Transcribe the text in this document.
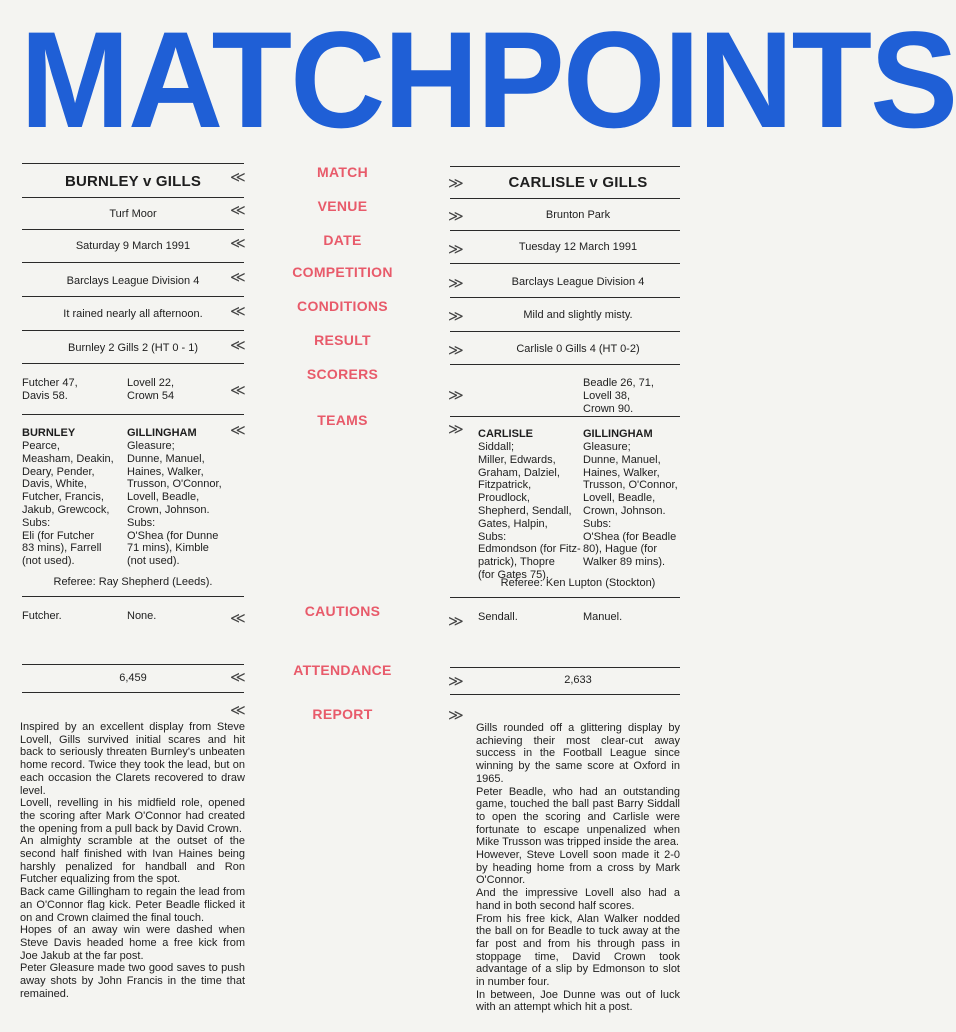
MATCHPOINTS
MATCH
VENUE
DATE
COMPETITION
CONDITIONS
RESULT
SCORERS
TEAMS
CAUTIONS
ATTENDANCE
REPORT
BURNLEY v GILLS
Turf Moor
Saturday 9 March 1991
Barclays League Division 4
It rained nearly all afternoon.
Burnley 2 Gills 2 (HT 0 - 1)
Futcher 47,
Davis 58.
Lovell 22,
Crown 54
BURNLEY
Pearce,
Measham, Deakin,
Deary, Pender,
Davis, White,
Futcher, Francis,
Jakub, Grewcock,
Subs:
Eli (for Futcher
83 mins), Farrell
(not used).
GILLINGHAM
Gleasure;
Dunne, Manuel,
Haines, Walker,
Trusson, O'Connor,
Lovell, Beadle,
Crown, Johnson.
Subs:
O'Shea (for Dunne
71 mins), Kimble
(not used).
Referee: Ray Shepherd (Leeds).
Futcher.	None.
6,459
Inspired by an excellent display from Steve Lovell, Gills survived initial scares and hit back to seriously threaten Burnley's unbeaten home record. Twice they took the lead, but on each occasion the Clarets recovered to draw level.
Lovell, revelling in his midfield role, opened the scoring after Mark O'Connor had created the opening from a pull back by David Crown.
An almighty scramble at the outset of the second half finished with Ivan Haines being harshly penalized for handball and Ron Futcher equalizing from the spot.
Back came Gillingham to regain the lead from an O'Connor flag kick. Peter Beadle flicked it on and Crown claimed the final touch.
Hopes of an away win were dashed when Steve Davis headed home a free kick from Joe Jakub at the far post.
Peter Gleasure made two good saves to push away shots by John Francis in the time that remained.
≪
≪
≪
≪
≪
≪
≪
≪
≪
≪
≪
≫
≫
≫
≫
≫
≫
≫
≫
≫
≫
≫
CARLISLE v GILLS
Brunton Park
Tuesday 12 March 1991
Barclays League Division 4
Mild and slightly misty.
Carlisle 0 Gills 4 (HT 0-2)
Beadle 26, 71,
Lovell 38,
Crown 90.
CARLISLE
Siddall;
Miller, Edwards,
Graham, Dalziel,
Fitzpatrick, Proudlock,
Shepherd, Sendall,
Gates, Halpin,
Subs:
Edmondson (for Fitz-
patrick), Thopre
(for Gates 75).
GILLINGHAM
Gleasure;
Dunne, Manuel,
Haines, Walker,
Trusson, O'Connor,
Lovell, Beadle,
Crown, Johnson.
Subs:
O'Shea (for Beadle
80), Hague (for
Walker 89 mins).
Referee: Ken Lupton (Stockton)
Sendall.	Manuel.
2,633
Gills rounded off a glittering display by achieving their most clear-cut away success in the Football League since winning by the same score at Oxford in 1965.
Peter Beadle, who had an outstanding game, touched the ball past Barry Siddall to open the scoring and Carlisle were fortunate to escape unpenalized when Mike Trusson was tripped inside the area.
However, Steve Lovell soon made it 2-0 by heading home from a cross by Mark O'Connor.
And the impressive Lovell also had a hand in both second half scores.
From his free kick, Alan Walker nodded the ball on for Beadle to tuck away at the far post and from his through pass in stoppage time, David Crown took advantage of a slip by Edmonson to slot in number four.
In between, Joe Dunne was out of luck with an attempt which hit a post.
